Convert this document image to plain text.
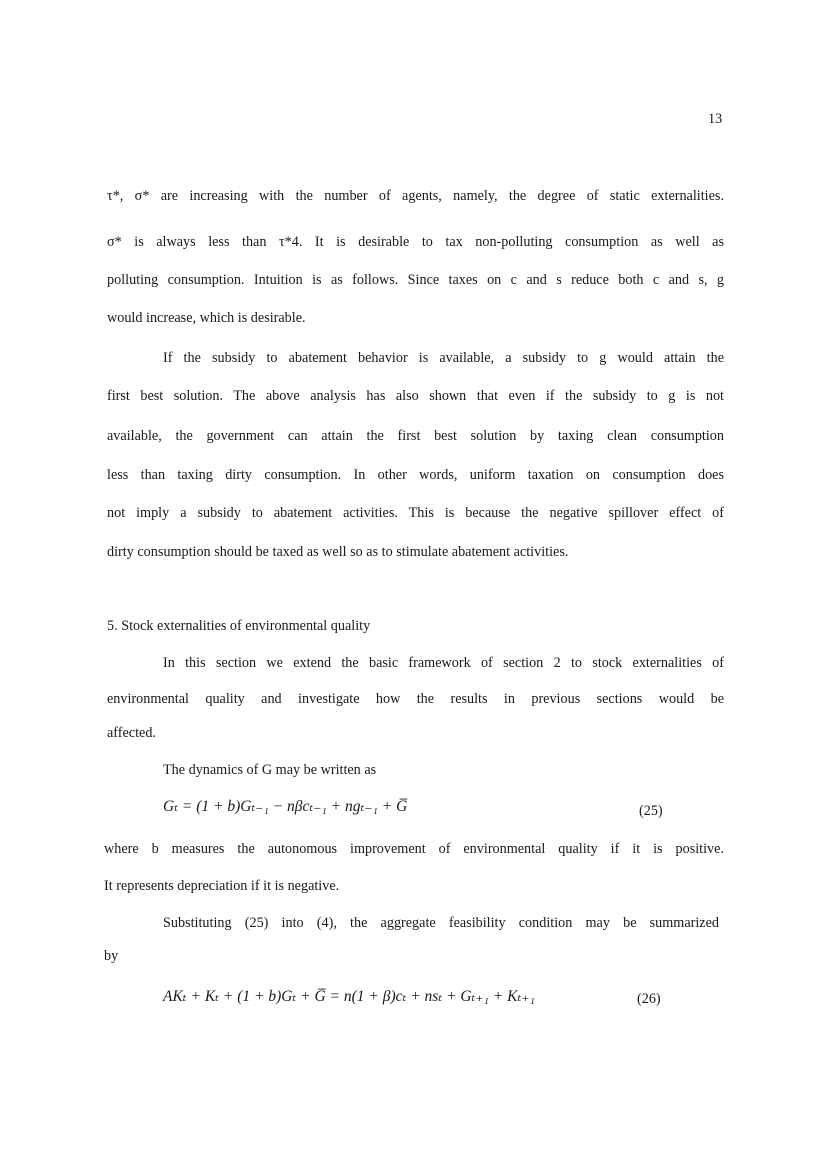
13
τ*, σ* are increasing with the number of agents, namely, the degree of static externalities.
σ* is always less than τ*4. It is desirable to tax non-polluting consumption as well as
polluting consumption. Intuition is as follows. Since taxes on c and s reduce both c and s, g
would increase, which is desirable.
If the subsidy to abatement behavior is available, a subsidy to g would attain the
first best solution. The above analysis has also shown that even if the subsidy to g is not
available, the government can attain the first best solution by taxing clean consumption
less than taxing dirty consumption. In other words, uniform taxation on consumption does
not imply a subsidy to abatement activities. This is because the negative spillover effect of
dirty consumption should be taxed as well so as to stimulate abatement activities.
5. Stock externalities of environmental quality
In this section we extend the basic framework of section 2 to stock externalities of
environmental quality and investigate how the results in previous sections would be
affected.
The dynamics of G may be written as
Gₜ = (1 + b)Gₜ₋₁ − nβcₜ₋₁ + ngₜ₋₁ + G̅	(25)
where b measures the autonomous improvement of environmental quality if it is positive.
It represents depreciation if it is negative.
Substituting (25) into (4), the aggregate feasibility condition may be summarized
by
AKₜ + Kₜ + (1 + b)Gₜ + G̅ = n(1 + β)cₜ + nsₜ + Gₜ₊₁ + Kₜ₊₁	(26)
